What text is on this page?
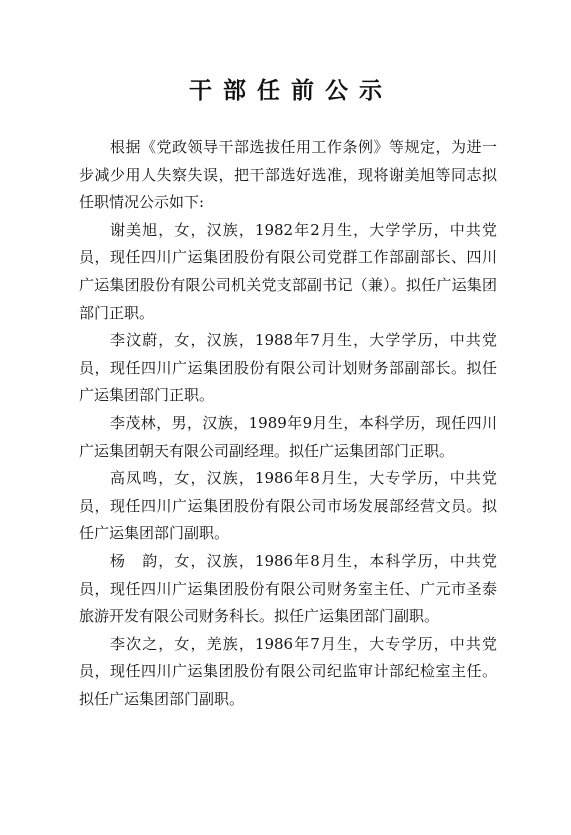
干部任前公示

根据《党政领导干部选拔任用工作条例》等规定，为进一步减少用人失察失误，把干部选好选准，现将谢美旭等同志拟任职情况公示如下:

谢美旭，女，汉族，1982年2月生，大学学历，中共党员，现任四川广运集团股份有限公司党群工作部副部长、四川广运集团股份有限公司机关党支部副书记（兼）。拟任广运集团部门正职。

李汶蔚，女，汉族，1988年7月生，大学学历，中共党员，现任四川广运集团股份有限公司计划财务部副部长。拟任广运集团部门正职。

李茂林，男，汉族，1989年9月生，本科学历，现任四川广运集团朝天有限公司副经理。拟任广运集团部门正职。

高凤鸣，女，汉族，1986年8月生，大专学历，中共党员，现任四川广运集团股份有限公司市场发展部经营文员。拟任广运集团部门副职。

杨　韵，女，汉族，1986年8月生，本科学历，中共党员，现任四川广运集团股份有限公司财务室主任、广元市圣泰旅游开发有限公司财务科长。拟任广运集团部门副职。

李次之，女，羌族，1986年7月生，大专学历，中共党员，现任四川广运集团股份有限公司纪监审计部纪检室主任。拟任广运集团部门副职。
